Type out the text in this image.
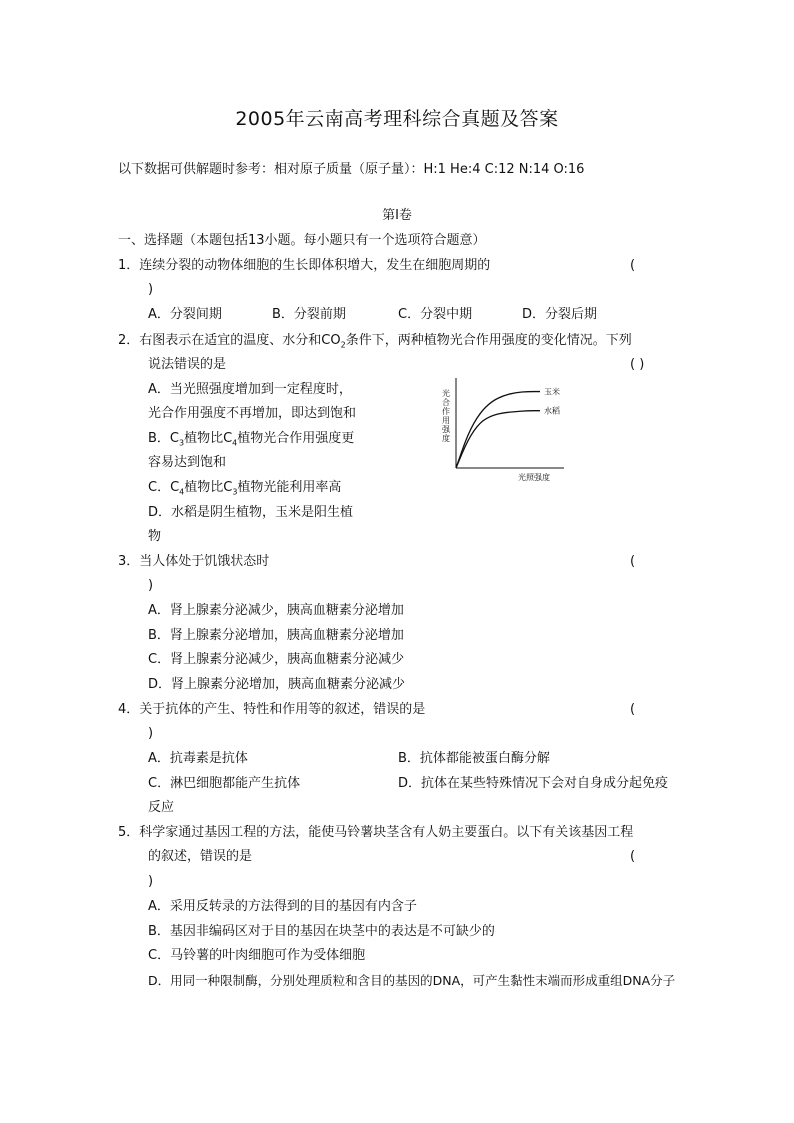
2005年云南高考理科综合真题及答案
以下数据可供解题时参考：相对原子质量（原子量）：H:1 He:4 C:12 N:14 O:16
第Ⅰ卷
一、选择题（本题包括13小题。每小题只有一个选项符合题意）
1．连续分裂的动物体细胞的生长即体积增大，发生在细胞周期的	(
)
A．分裂间期	B．分裂前期	C．分裂中期	D．分裂后期
2．右图表示在适宜的温度、水分和$CO_2$条件下，两种植物光合作用强度的变化情况。下列
说法错误的是	( )
A．当光照强度增加到一定程度时，
光合作用强度不再增加，即达到饱和
B．$C_3$植物比$C_4$植物光合作用强度更
容易达到饱和
C．$C_4$植物比$C_3$植物光能利用率高
D．水稻是阴生植物，玉米是阳生植
物
光合作用强度
光照强度
玉米
水稻
3．当人体处于饥饿状态时	(
)
A．肾上腺素分泌减少，胰高血糖素分泌增加
B．肾上腺素分泌增加，胰高血糖素分泌增加
C．肾上腺素分泌减少，胰高血糖素分泌减少
D．肾上腺素分泌增加，胰高血糖素分泌减少
4．关于抗体的产生、特性和作用等的叙述，错误的是	(
)
A．抗毒素是抗体	B．抗体都能被蛋白酶分解
C．淋巴细胞都能产生抗体	D．抗体在某些特殊情况下会对自身成分起免疫
反应
5．科学家通过基因工程的方法，能使马铃薯块茎含有人奶主要蛋白。以下有关该基因工程
的叙述，错误的是	(
)
A．采用反转录的方法得到的目的基因有内含子
B．基因非编码区对于目的基因在块茎中的表达是不可缺少的
C．马铃薯的叶肉细胞可作为受体细胞
D．用同一种限制酶，分别处理质粒和含目的基因的DNA，可产生黏性末端而形成重组DNA分子
